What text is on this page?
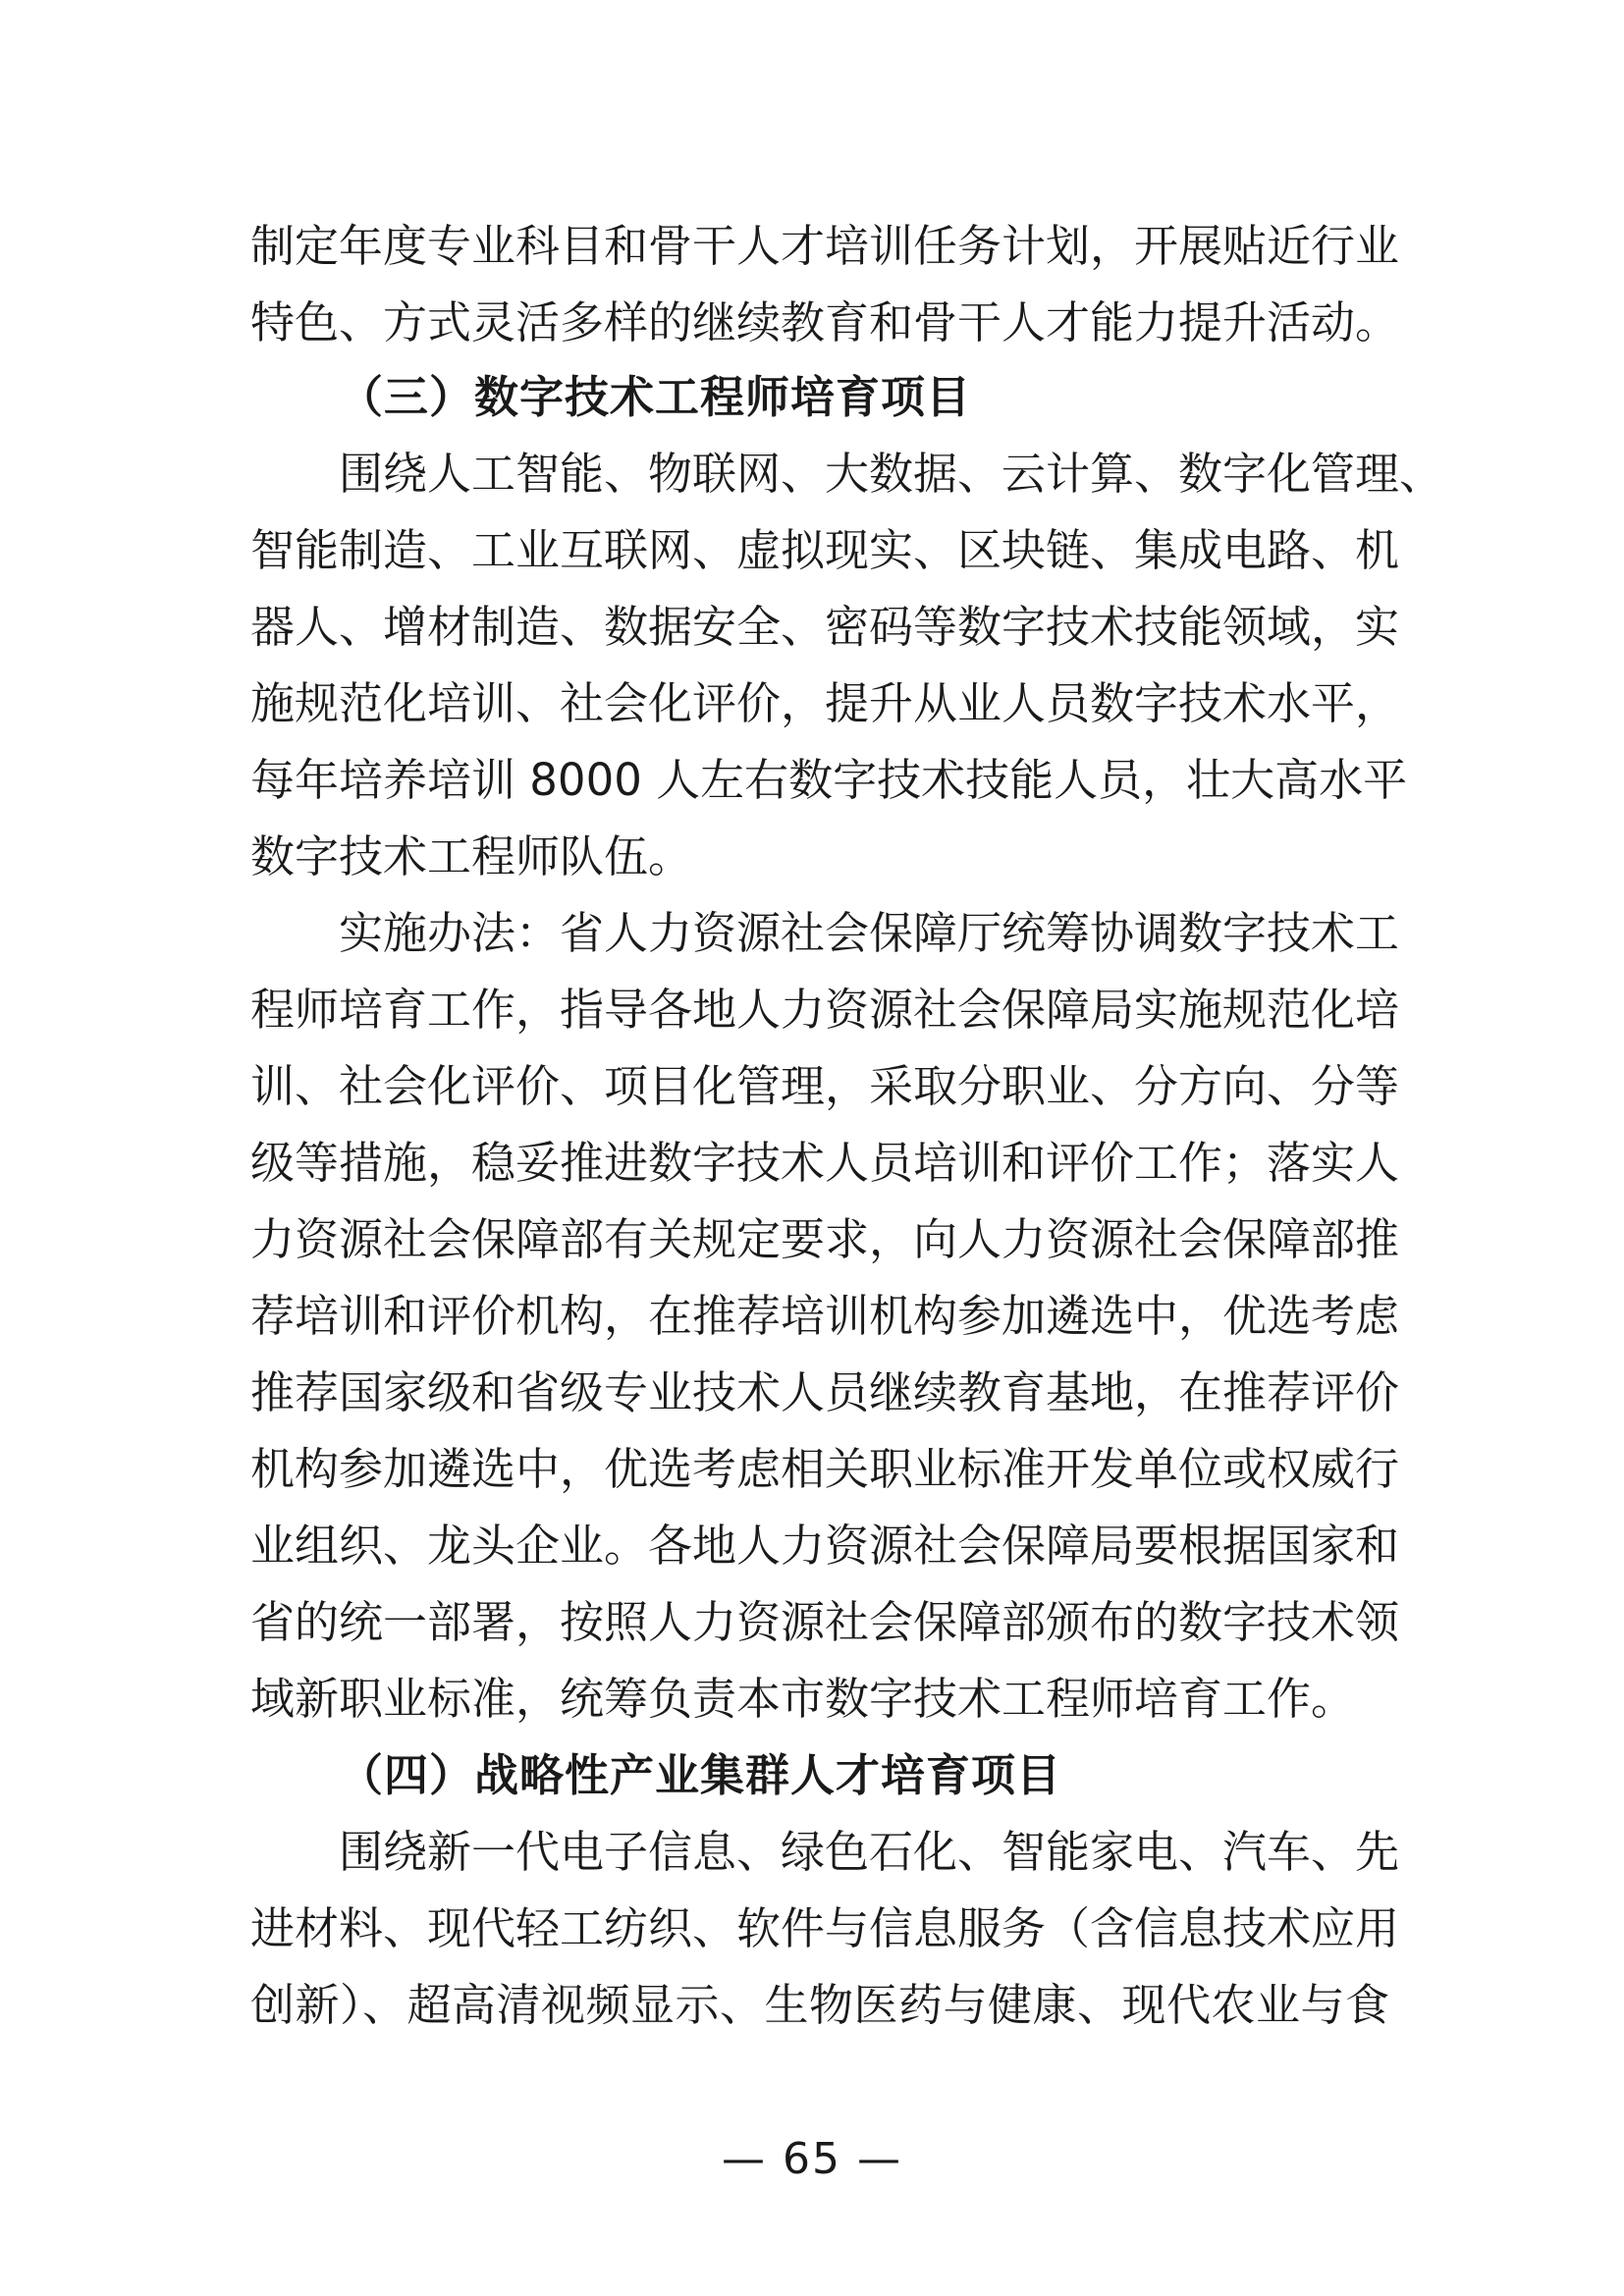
制定年度专业科目和骨干人才培训任务计划，开展贴近行业
特色、方式灵活多样的继续教育和骨干人才能力提升活动。
（三）数字技术工程师培育项目
围绕人工智能、物联网、大数据、云计算、数字化管理、
智能制造、工业互联网、虚拟现实、区块链、集成电路、机
器人、增材制造、数据安全、密码等数字技术技能领域，实
施规范化培训、社会化评价，提升从业人员数字技术水平，
每年培养培训 8000 人左右数字技术技能人员，壮大高水平
数字技术工程师队伍。
实施办法：省人力资源社会保障厅统筹协调数字技术工
程师培育工作，指导各地人力资源社会保障局实施规范化培
训、社会化评价、项目化管理，采取分职业、分方向、分等
级等措施，稳妥推进数字技术人员培训和评价工作；落实人
力资源社会保障部有关规定要求，向人力资源社会保障部推
荐培训和评价机构，在推荐培训机构参加遴选中，优选考虑
推荐国家级和省级专业技术人员继续教育基地，在推荐评价
机构参加遴选中，优选考虑相关职业标准开发单位或权威行
业组织、龙头企业。各地人力资源社会保障局要根据国家和
省的统一部署，按照人力资源社会保障部颁布的数字技术领
域新职业标准，统筹负责本市数字技术工程师培育工作。
（四）战略性产业集群人才培育项目
围绕新一代电子信息、绿色石化、智能家电、汽车、先
进材料、现代轻工纺织、软件与信息服务（含信息技术应用
创新）、超高清视频显示、生物医药与健康、现代农业与食
— 65 —
